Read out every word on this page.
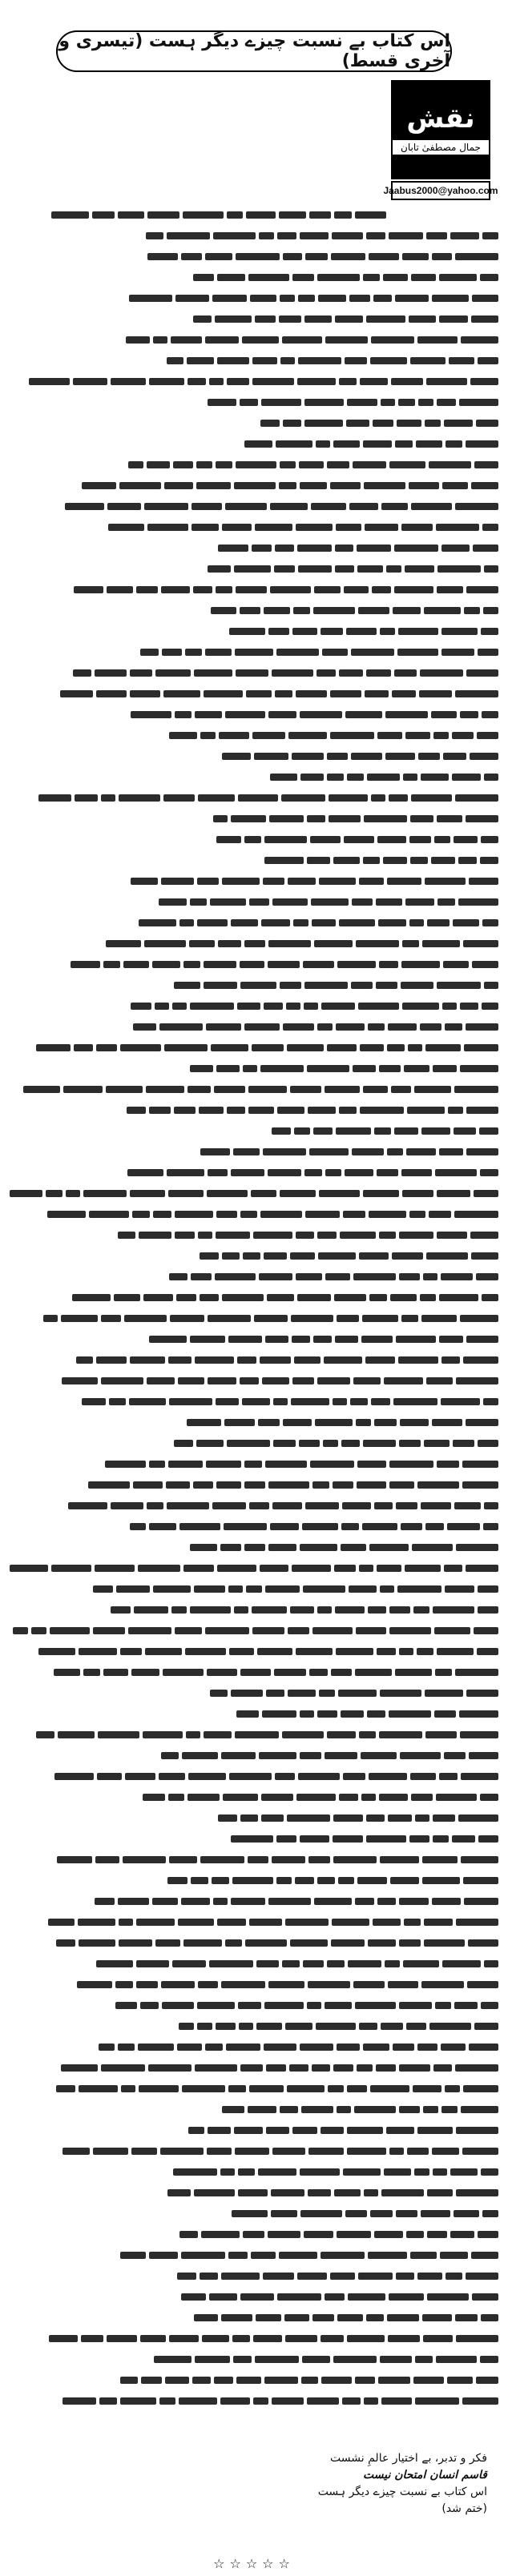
اس کتاب بے نسبت چیزے دیگر ہست (تیسری و آخری قسط)
نقش
جمال مصطفیٰ تابان
Jaabus2000@yahoo.com
فکر و تدبر، بے اختیار عالمِ نشست
قاسم انسان امتحان نیست
اس کتاب بے نسبت چیزے دیگر ہست
(ختم شد)
☆☆☆☆☆
